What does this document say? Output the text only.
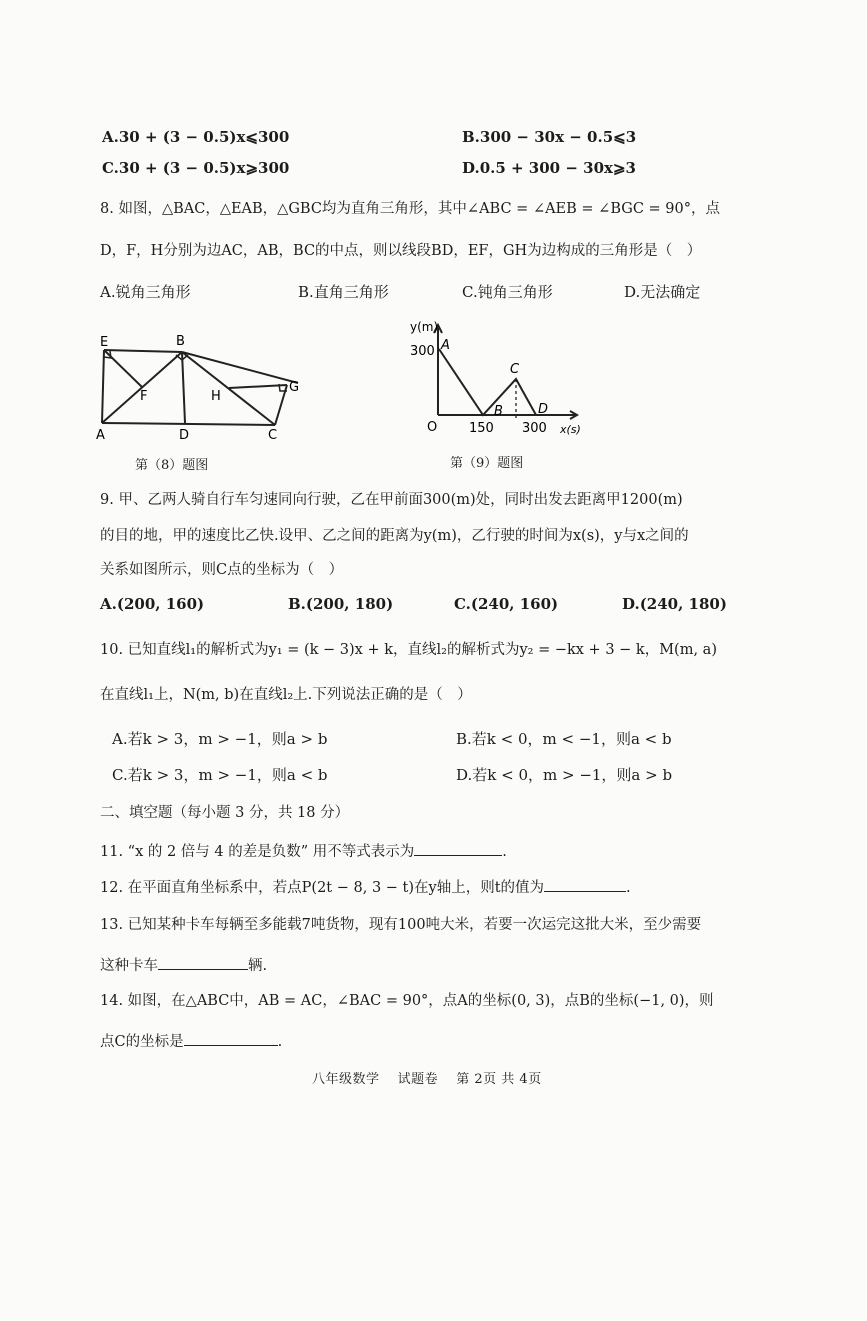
A.30 + (3 − 0.5)x⩽300	B.300 − 30x − 0.5⩽3
C.30 + (3 − 0.5)x⩾300	D.0.5 + 300 − 30x⩾3
8. 如图，△BAC，△EAB，△GBC均为直角三角形，其中∠ABC = ∠AEB = ∠BGC = 90°，点
D，F，H分别为边AC，AB，BC的中点，则以线段BD，EF，GH为边构成的三角形是（　）
A.锐角三角形	B.直角三角形	C.钝角三角形	D.无法确定
E	B
F	H
G
A	D	C
第（8）题图
y(m)
x(s)
O
300
150 300
A
B
C
D
第（9）题图
9. 甲、乙两人骑自行车匀速同向行驶，乙在甲前面300(m)处，同时出发去距离甲1200(m)
的目的地，甲的速度比乙快.设甲、乙之间的距离为y(m)，乙行驶的时间为x(s)，y与x之间的
关系如图所示，则C点的坐标为（　）
A.(200, 160)	B.(200, 180)	C.(240, 160)	D.(240, 180)
10. 已知直线l₁的解析式为y₁ = (k − 3)x + k，直线l₂的解析式为y₂ = −kx + 3 − k，M(m, a)
在直线l₁上，N(m, b)在直线l₂上.下列说法正确的是（　）
A.若k > 3，m > −1，则a > b	B.若k < 0，m < −1，则a < b
C.若k > 3，m > −1，则a < b	D.若k < 0，m > −1，则a > b
二、填空题（每小题 3 分，共 18 分）
11. “x 的 2 倍与 4 的差是负数” 用不等式表示为	.
12. 在平面直角坐标系中，若点P(2t − 8, 3 − t)在y轴上，则t的值为	.
13. 已知某种卡车每辆至多能载7吨货物，现有100吨大米，若要一次运完这批大米，至少需要
这种卡车	辆.
14. 如图，在△ABC中，AB = AC，∠BAC = 90°，点A的坐标(0, 3)，点B的坐标(−1, 0)，则
点C的坐标是	.
八年级数学　 试题卷　 第 2页 共 4页
